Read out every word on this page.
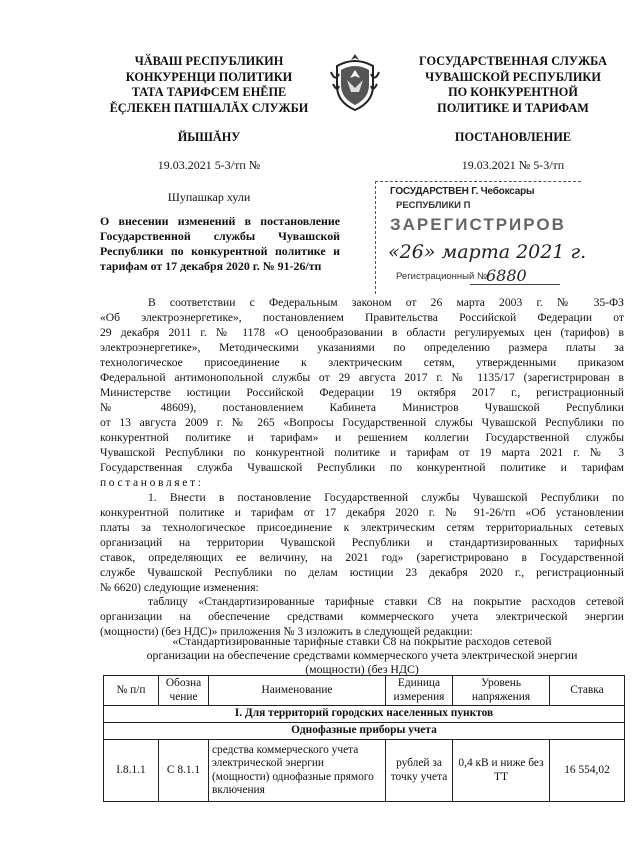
ЧӐВАШ РЕСПУБЛИКИН
КОНКУРЕНЦИ ПОЛИТИКИ
ТАТА ТАРИФСЕМ ЕНĔПЕ
ĔÇЛЕКЕН ПАТШАЛĂХ СЛУЖБИ
ЙЫШĂНУ
19.03.2021 5-3/тп №
Шупашкар хули
ГОСУДАРСТВЕННАЯ СЛУЖБА
ЧУВАШСКОЙ РЕСПУБЛИКИ
ПО КОНКУРЕНТНОЙ
ПОЛИТИКЕ И ТАРИФАМ
ПОСТАНОВЛЕНИЕ
19.03.2021 № 5-3/тп
ГОСУДАРСТВЕН Г. Чебоксары
РЕСПУБЛИКИ П
ЗАРЕГИСТРИРОВ
«26» марта 2021 г.
Регистрационный №
6880
О внесении изменений в постановление
Государственной службы Чувашской
Республики по конкурентной политике и
тарифам от 17 декабря 2020 г. № 91-26/тп
В соответствии с Федеральным законом от 26 марта 2003 г. № 35-ФЗ
«Об электроэнергетике», постановлением Правительства Российской Федерации от
29 декабря 2011 г. № 1178 «О ценообразовании в области регулируемых цен (тарифов) в
электроэнергетике», Методическими указаниями по определению размера платы за
технологическое присоединение к электрическим сетям, утвержденными приказом
Федеральной антимонопольной службы от 29 августа 2017 г. № 1135/17 (зарегистрирован в
Министерстве юстиции Российской Федерации 19 октября 2017 г., регистрационный
№ 48609), постановлением Кабинета Министров Чувашской Республики
от 13 августа 2009 г. № 265 «Вопросы Государственной службы Чувашской Республики по
конкурентной политике и тарифам» и решением коллегии Государственной службы
Чувашской Республики по конкурентной политике и тарифам от 19 марта 2021 г. № 3
Государственная служба Чувашской Республики по конкурентной политике и тарифам
постановляет:
1. Внести в постановление Государственной службы Чувашской Республики по
конкурентной политике и тарифам от 17 декабря 2020 г. № 91-26/тп «Об установлении
платы за технологическое присоединение к электрическим сетям территориальных сетевых
организаций на территории Чувашской Республики и стандартизированных тарифных
ставок, определяющих ее величину, на 2021 год» (зарегистрировано в Государственной
службе Чувашской Республики по делам юстиции 23 декабря 2020 г., регистрационный
№ 6620) следующие изменения:
таблицу «Стандартизированные тарифные ставки С8 на покрытие расходов сетевой
организации на обеспечение средствами коммерческого учета электрической энергии
(мощности) (без НДС)» приложения № 3 изложить в следующей редакции:
«Стандартизированные тарифные ставки С8 на покрытие расходов сетевой
организации на обеспечение средствами коммерческого учета электрической энергии
(мощности) (без НДС)
№ п/п	Обозна чение	Наименование	Единица измерения	Уровень напряжения	Ставка
I. Для территорий городских населенных пунктов					
Однофазные приборы учета					
I.8.1.1	С 8.1.1	средства коммерческого учета электрической энергии (мощности) однофазные прямого включения	рублей за точку учета	0,4 кВ и ниже без ТТ	16 554,02
